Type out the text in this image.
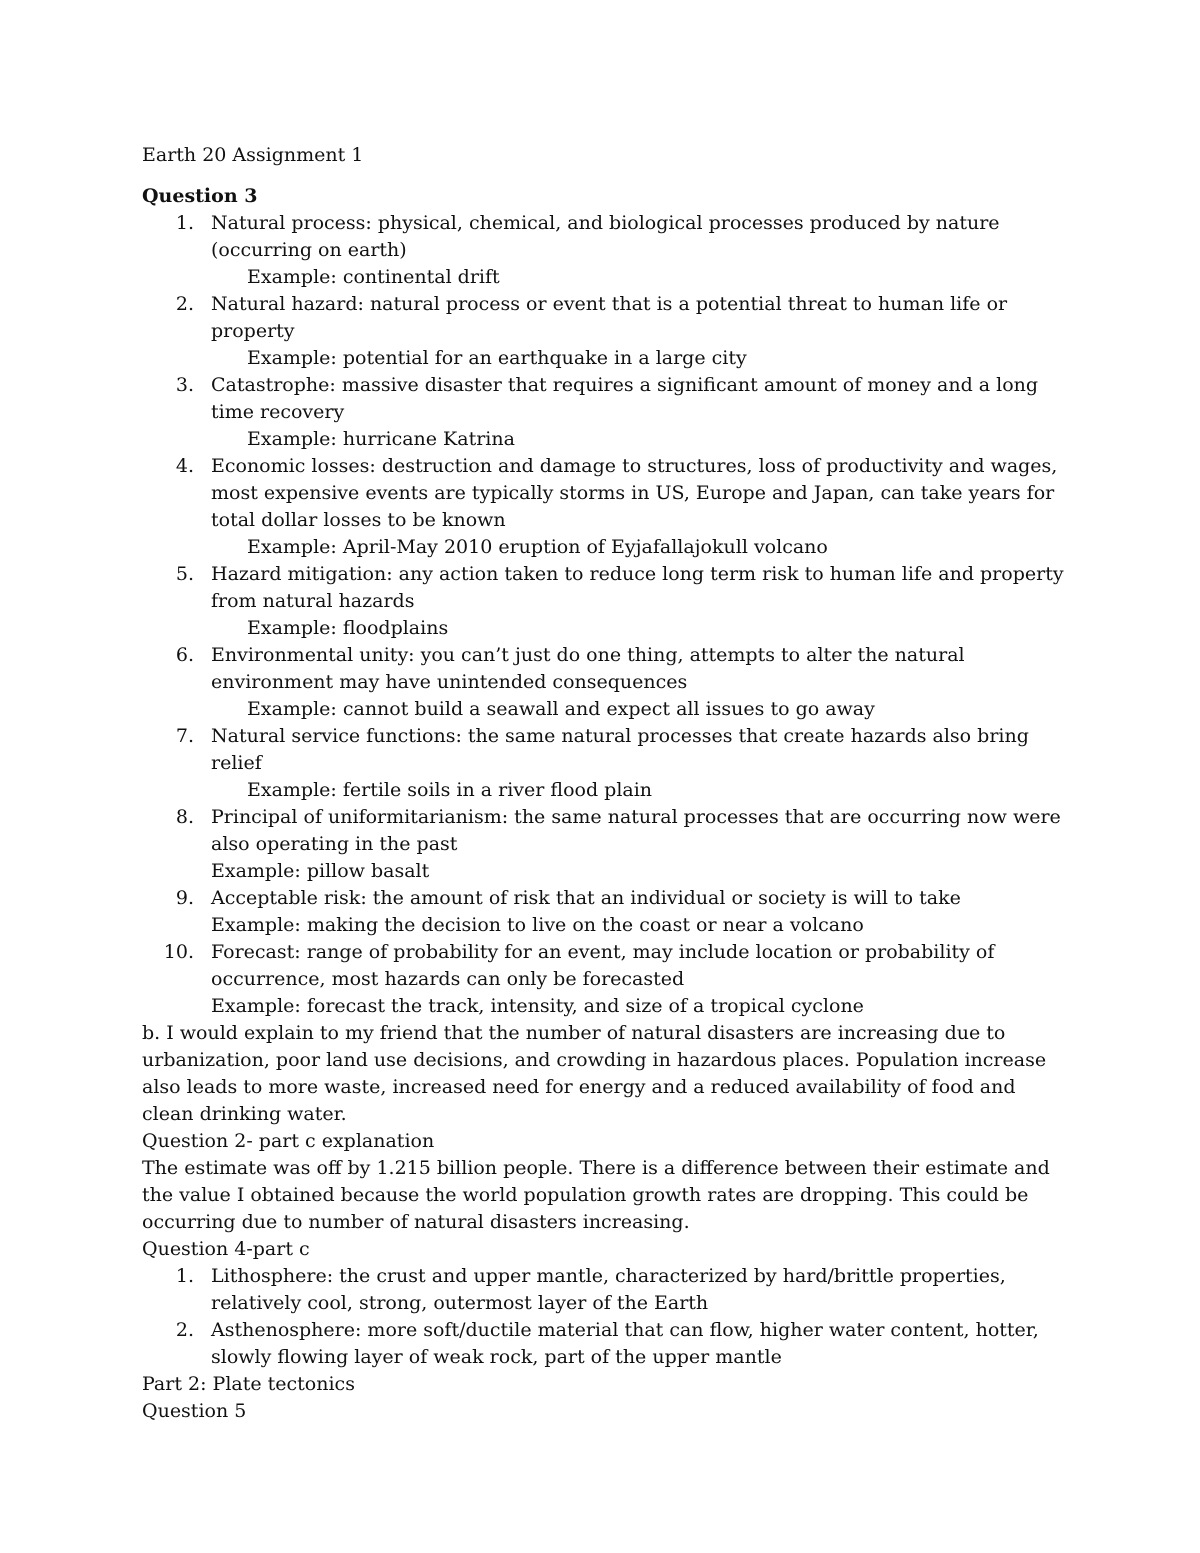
Earth 20 Assignment 1
Question 3
1. Natural process: physical, chemical, and biological processes produced by nature (occurring on earth)
Example: continental drift
2. Natural hazard: natural process or event that is a potential threat to human life or property
Example: potential for an earthquake in a large city
3. Catastrophe: massive disaster that requires a significant amount of money and a long time recovery
Example: hurricane Katrina
4. Economic losses: destruction and damage to structures, loss of productivity and wages, most expensive events are typically storms in US, Europe and Japan, can take years for total dollar losses to be known
Example: April-May 2010 eruption of Eyjafallajokull volcano
5. Hazard mitigation: any action taken to reduce long term risk to human life and property from natural hazards
Example: floodplains
6. Environmental unity: you can’t just do one thing, attempts to alter the natural environment may have unintended consequences
Example: cannot build a seawall and expect all issues to go away
7. Natural service functions: the same natural processes that create hazards also bring relief
Example: fertile soils in a river flood plain
8. Principal of uniformitarianism: the same natural processes that are occurring now were also operating in the past
Example: pillow basalt
9. Acceptable risk: the amount of risk that an individual or society is will to take
Example: making the decision to live on the coast or near a volcano
10. Forecast: range of probability for an event, may include location or probability of occurrence, most hazards can only be forecasted
Example: forecast the track, intensity, and size of a tropical cyclone

b. I would explain to my friend that the number of natural disasters are increasing due to urbanization, poor land use decisions, and crowding in hazardous places. Population increase also leads to more waste, increased need for energy and a reduced availability of food and clean drinking water.

Question 2- part c explanation

The estimate was off by 1.215 billion people. There is a difference between their estimate and the value I obtained because the world population growth rates are dropping. This could be occurring due to number of natural disasters increasing.

Question 4-part c
1. Lithosphere: the crust and upper mantle, characterized by hard/brittle properties, relatively cool, strong, outermost layer of the Earth
2. Asthenosphere: more soft/ductile material that can flow, higher water content, hotter, slowly flowing layer of weak rock, part of the upper mantle
Part 2: Plate tectonics
Question 5
